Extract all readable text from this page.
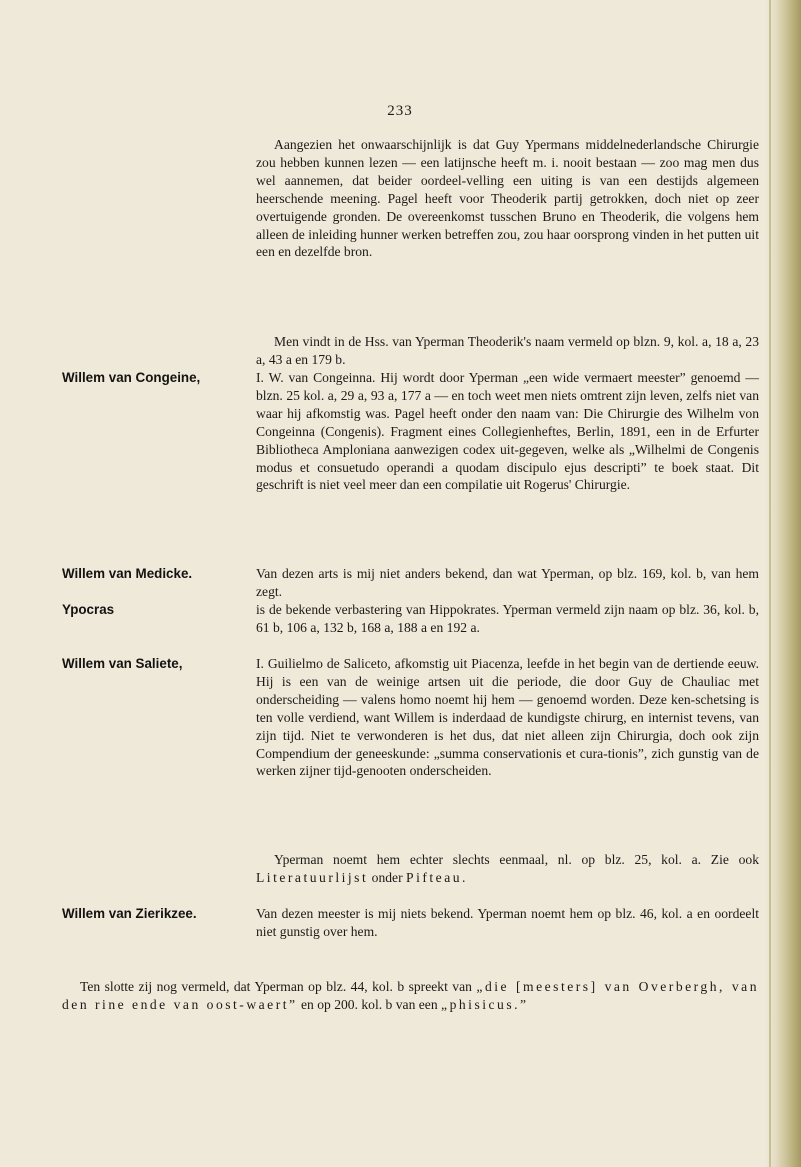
233

Aangezien het onwaarschijnlijk is dat Guy Ypermans middelnederlandsche Chirurgie zou hebben kunnen lezen — een latijnsche heeft m. i. nooit bestaan — zoo mag men dus wel aannemen, dat beider oordeel-velling een uiting is van een destijds algemeen heerschende meening. Pagel heeft voor Theoderik partij getrokken, doch niet op zeer overtuigende gronden. De overeenkomst tusschen Bruno en Theoderik, die volgens hem alleen de inleiding hunner werken betreffen zou, zou haar oorsprong vinden in het putten uit een en dezelfde bron.

Men vindt in de Hss. van Yperman Theoderik's naam vermeld op blzn. 9, kol. a, 18 a, 23 a, 43 a en 179 b.

Willem van Congeine,	I. W. van Congeinna. Hij wordt door Yperman „een wide vermaert meester” genoemd — blzn. 25 kol. a, 29 a, 93 a, 177 a — en toch weet men niets omtrent zijn leven, zelfs niet van waar hij afkomstig was. Pagel heeft onder den naam van: Die Chirurgie des Wilhelm von Congeinna (Congenis). Fragment eines Collegienheftes, Berlin, 1891, een in de Erfurter Bibliotheca Amploniana aanwezigen codex uit-gegeven, welke als „Wilhelmi de Congenis modus et consuetudo operandi a quodam discipulo ejus descripti” te boek staat. Dit geschrift is niet veel meer dan een compilatie uit Rogerus' Chirurgie.

Willem van Medicke.	Van dezen arts is mij niet anders bekend, dan wat Yperman, op blz. 169, kol. b, van hem zegt.

Ypocras	is de bekende verbastering van Hippokrates. Yperman vermeld zijn naam op blz. 36, kol. b, 61 b, 106 a, 132 b, 168 a, 188 a en 192 a.

Willem van Saliete,	I. Guilielmo de Saliceto, afkomstig uit Piacenza, leefde in het begin van de dertiende eeuw. Hij is een van de weinige artsen uit die periode, die door Guy de Chauliac met onderscheiding — valens homo noemt hij hem — genoemd worden. Deze ken-schetsing is ten volle verdiend, want Willem is inderdaad de kundigste chirurg, en internist tevens, van zijn tijd. Niet te verwonderen is het dus, dat niet alleen zijn Chirurgia, doch ook zijn Compendium der geneeskunde: „summa conservationis et cura-tionis”, zich gunstig van de werken zijner tijd-genooten onderscheiden.

Yperman noemt hem echter slechts eenmaal, nl. op blz. 25, kol. a. Zie ook Literatuurlijst onder Pifteau.

Willem van Zierikzee.	Van dezen meester is mij niets bekend. Yperman noemt hem op blz. 46, kol. a en oordeelt niet gunstig over hem.

Ten slotte zij nog vermeld, dat Yperman op blz. 44, kol. b spreekt van „die [meesters] van Overbergh, van den rine ende van oost-waert” en op 200. kol. b van een „phisicus.”
